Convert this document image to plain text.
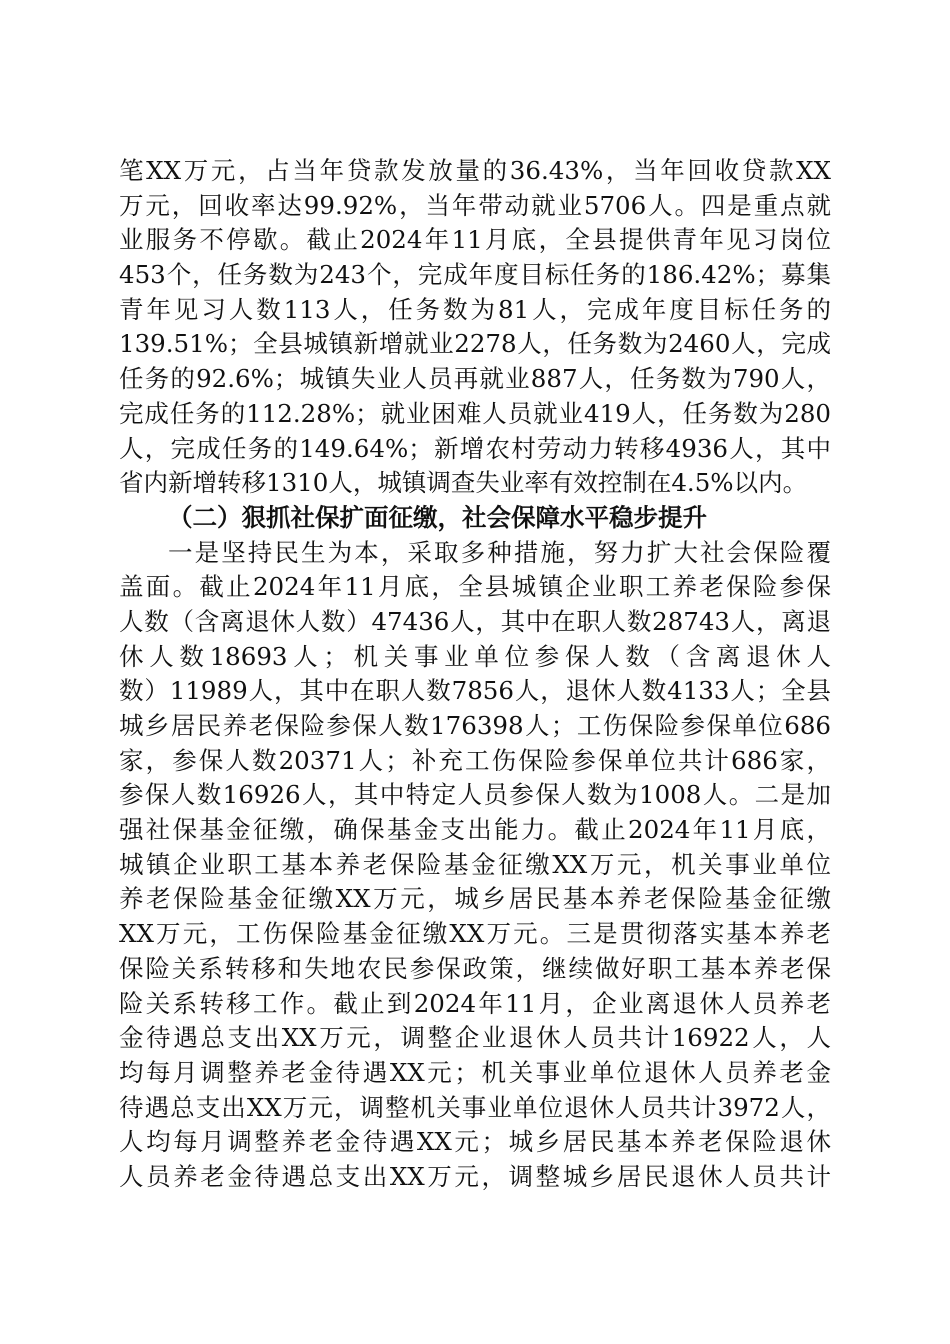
笔XX万元，占当年贷款发放量的36.43%，当年回收贷款XX
万元，回收率达99.92%，当年带动就业5706人。四是重点就
业服务不停歇。截止2024年11月底，全县提供青年见习岗位
453个，任务数为243个，完成年度目标任务的186.42%；募集
青年见习人数113人，任务数为81人，完成年度目标任务的
139.51%；全县城镇新增就业2278人，任务数为2460人，完成
任务的92.6%；城镇失业人员再就业887人，任务数为790人，
完成任务的112.28%；就业困难人员就业419人，任务数为280
人，完成任务的149.64%；新增农村劳动力转移4936人，其中
省内新增转移1310人，城镇调查失业率有效控制在4.5%以内。
（二）狠抓社保扩面征缴，社会保障水平稳步提升
一是坚持民生为本，采取多种措施，努力扩大社会保险覆
盖面。截止2024年11月底，全县城镇企业职工养老保险参保
人数（含离退休人数）47436人，其中在职人数28743人，离退
休人数18693人；机关事业单位参保人数（含离退休人
数）11989人，其中在职人数7856人，退休人数4133人；全县
城乡居民养老保险参保人数176398人；工伤保险参保单位686
家，参保人数20371人；补充工伤保险参保单位共计686家，
参保人数16926人，其中特定人员参保人数为1008人。二是加
强社保基金征缴，确保基金支出能力。截止2024年11月底，
城镇企业职工基本养老保险基金征缴XX万元，机关事业单位
养老保险基金征缴XX万元，城乡居民基本养老保险基金征缴
XX万元，工伤保险基金征缴XX万元。三是贯彻落实基本养老
保险关系转移和失地农民参保政策，继续做好职工基本养老保
险关系转移工作。截止到2024年11月，企业离退休人员养老
金待遇总支出XX万元，调整企业退休人员共计16922人，人
均每月调整养老金待遇XX元；机关事业单位退休人员养老金
待遇总支出XX万元，调整机关事业单位退休人员共计3972人，
人均每月调整养老金待遇XX元；城乡居民基本养老保险退休
人员养老金待遇总支出XX万元，调整城乡居民退休人员共计
